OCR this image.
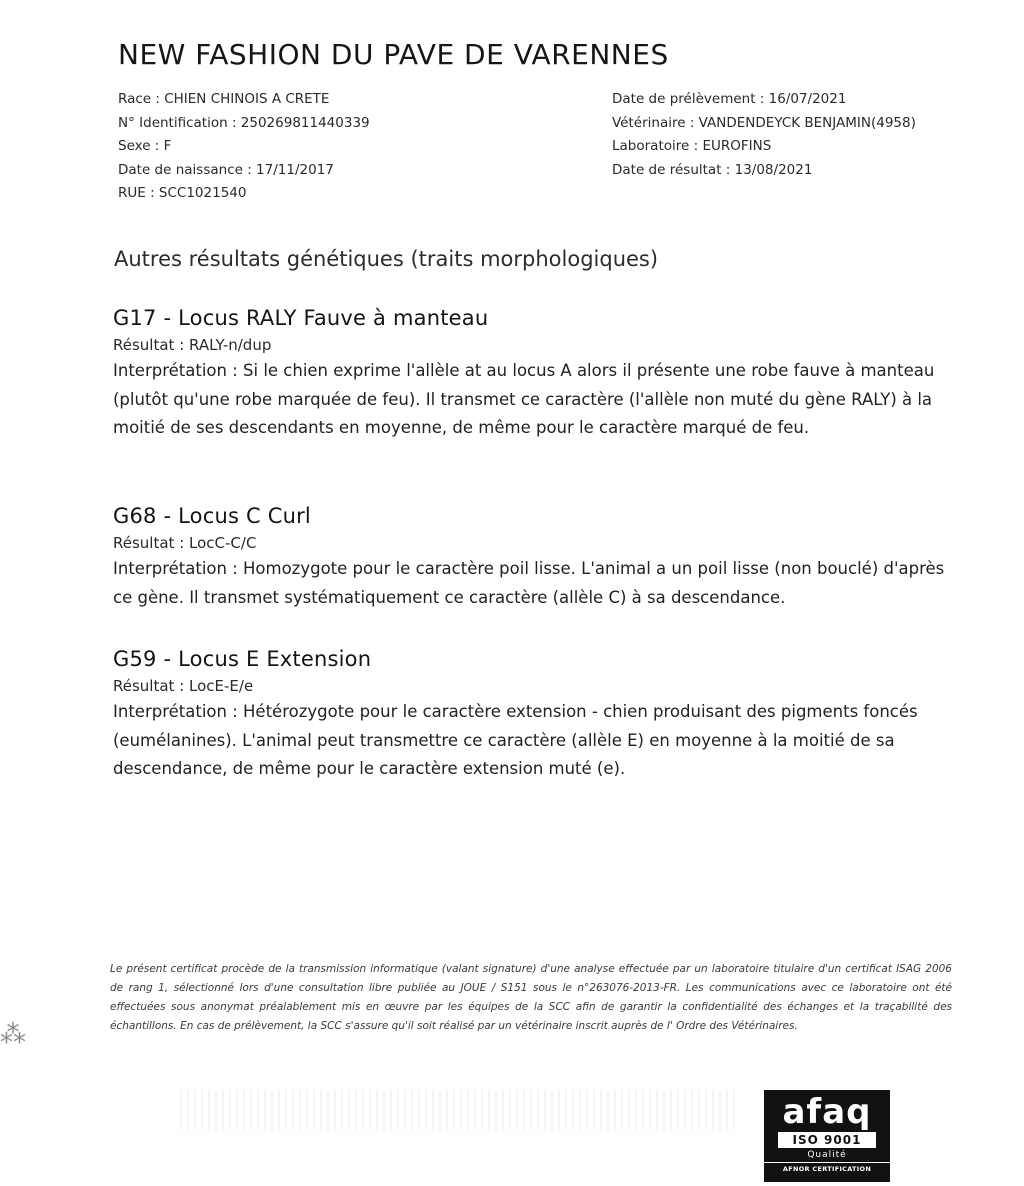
NEW FASHION DU PAVE DE VARENNES
Race : CHIEN CHINOIS A CRETE
N° Identification : 250269811440339
Sexe : F
Date de naissance : 17/11/2017
RUE : SCC1021540
Date de prélèvement : 16/07/2021
Vétérinaire : VANDENDEYCK BENJAMIN(4958)
Laboratoire : EUROFINS
Date de résultat : 13/08/2021
Autres résultats génétiques (traits morphologiques)
G17 - Locus RALY Fauve à manteau
Résultat : RALY-n/dup
Interprétation : Si le chien exprime l'allèle at au locus A alors il présente une robe fauve à manteau (plutôt qu'une robe marquée de feu). Il transmet ce caractère (l'allèle non muté du gène RALY) à la moitié de ses descendants en moyenne, de même pour le caractère marqué de feu.
G68 - Locus C Curl
Résultat : LocC-C/C
Interprétation : Homozygote pour le caractère poil lisse. L'animal a un poil lisse (non bouclé) d'après ce gène. Il transmet systématiquement ce caractère (allèle C) à sa descendance.
G59 - Locus E Extension
Résultat : LocE-E/e
Interprétation : Hétérozygote pour le caractère extension - chien produisant des pigments foncés (eumélanines). L'animal peut transmettre ce caractère (allèle E) en moyenne à la moitié de sa descendance, de même pour le caractère extension muté (e).
Le présent certificat procède de la transmission informatique (valant signature) d'une analyse effectuée par un laboratoire titulaire d'un certificat ISAG 2006 de rang 1, sélectionné lors d'une consultation libre publiée au JOUE / S151 sous le n°263076-2013-FR. Les communications avec ce laboratoire ont été effectuées sous anonymat préalablement mis en œuvre par les équipes de la SCC afin de garantir la confidentialité des échanges et la traçabilité des échantillons. En cas de prélèvement, la SCC s'assure qu'il soit réalisé par un vétérinaire inscrit auprès de l' Ordre des Vétérinaires.
⁂
afaq
ISO 9001
Qualité
AFNOR CERTIFICATION
